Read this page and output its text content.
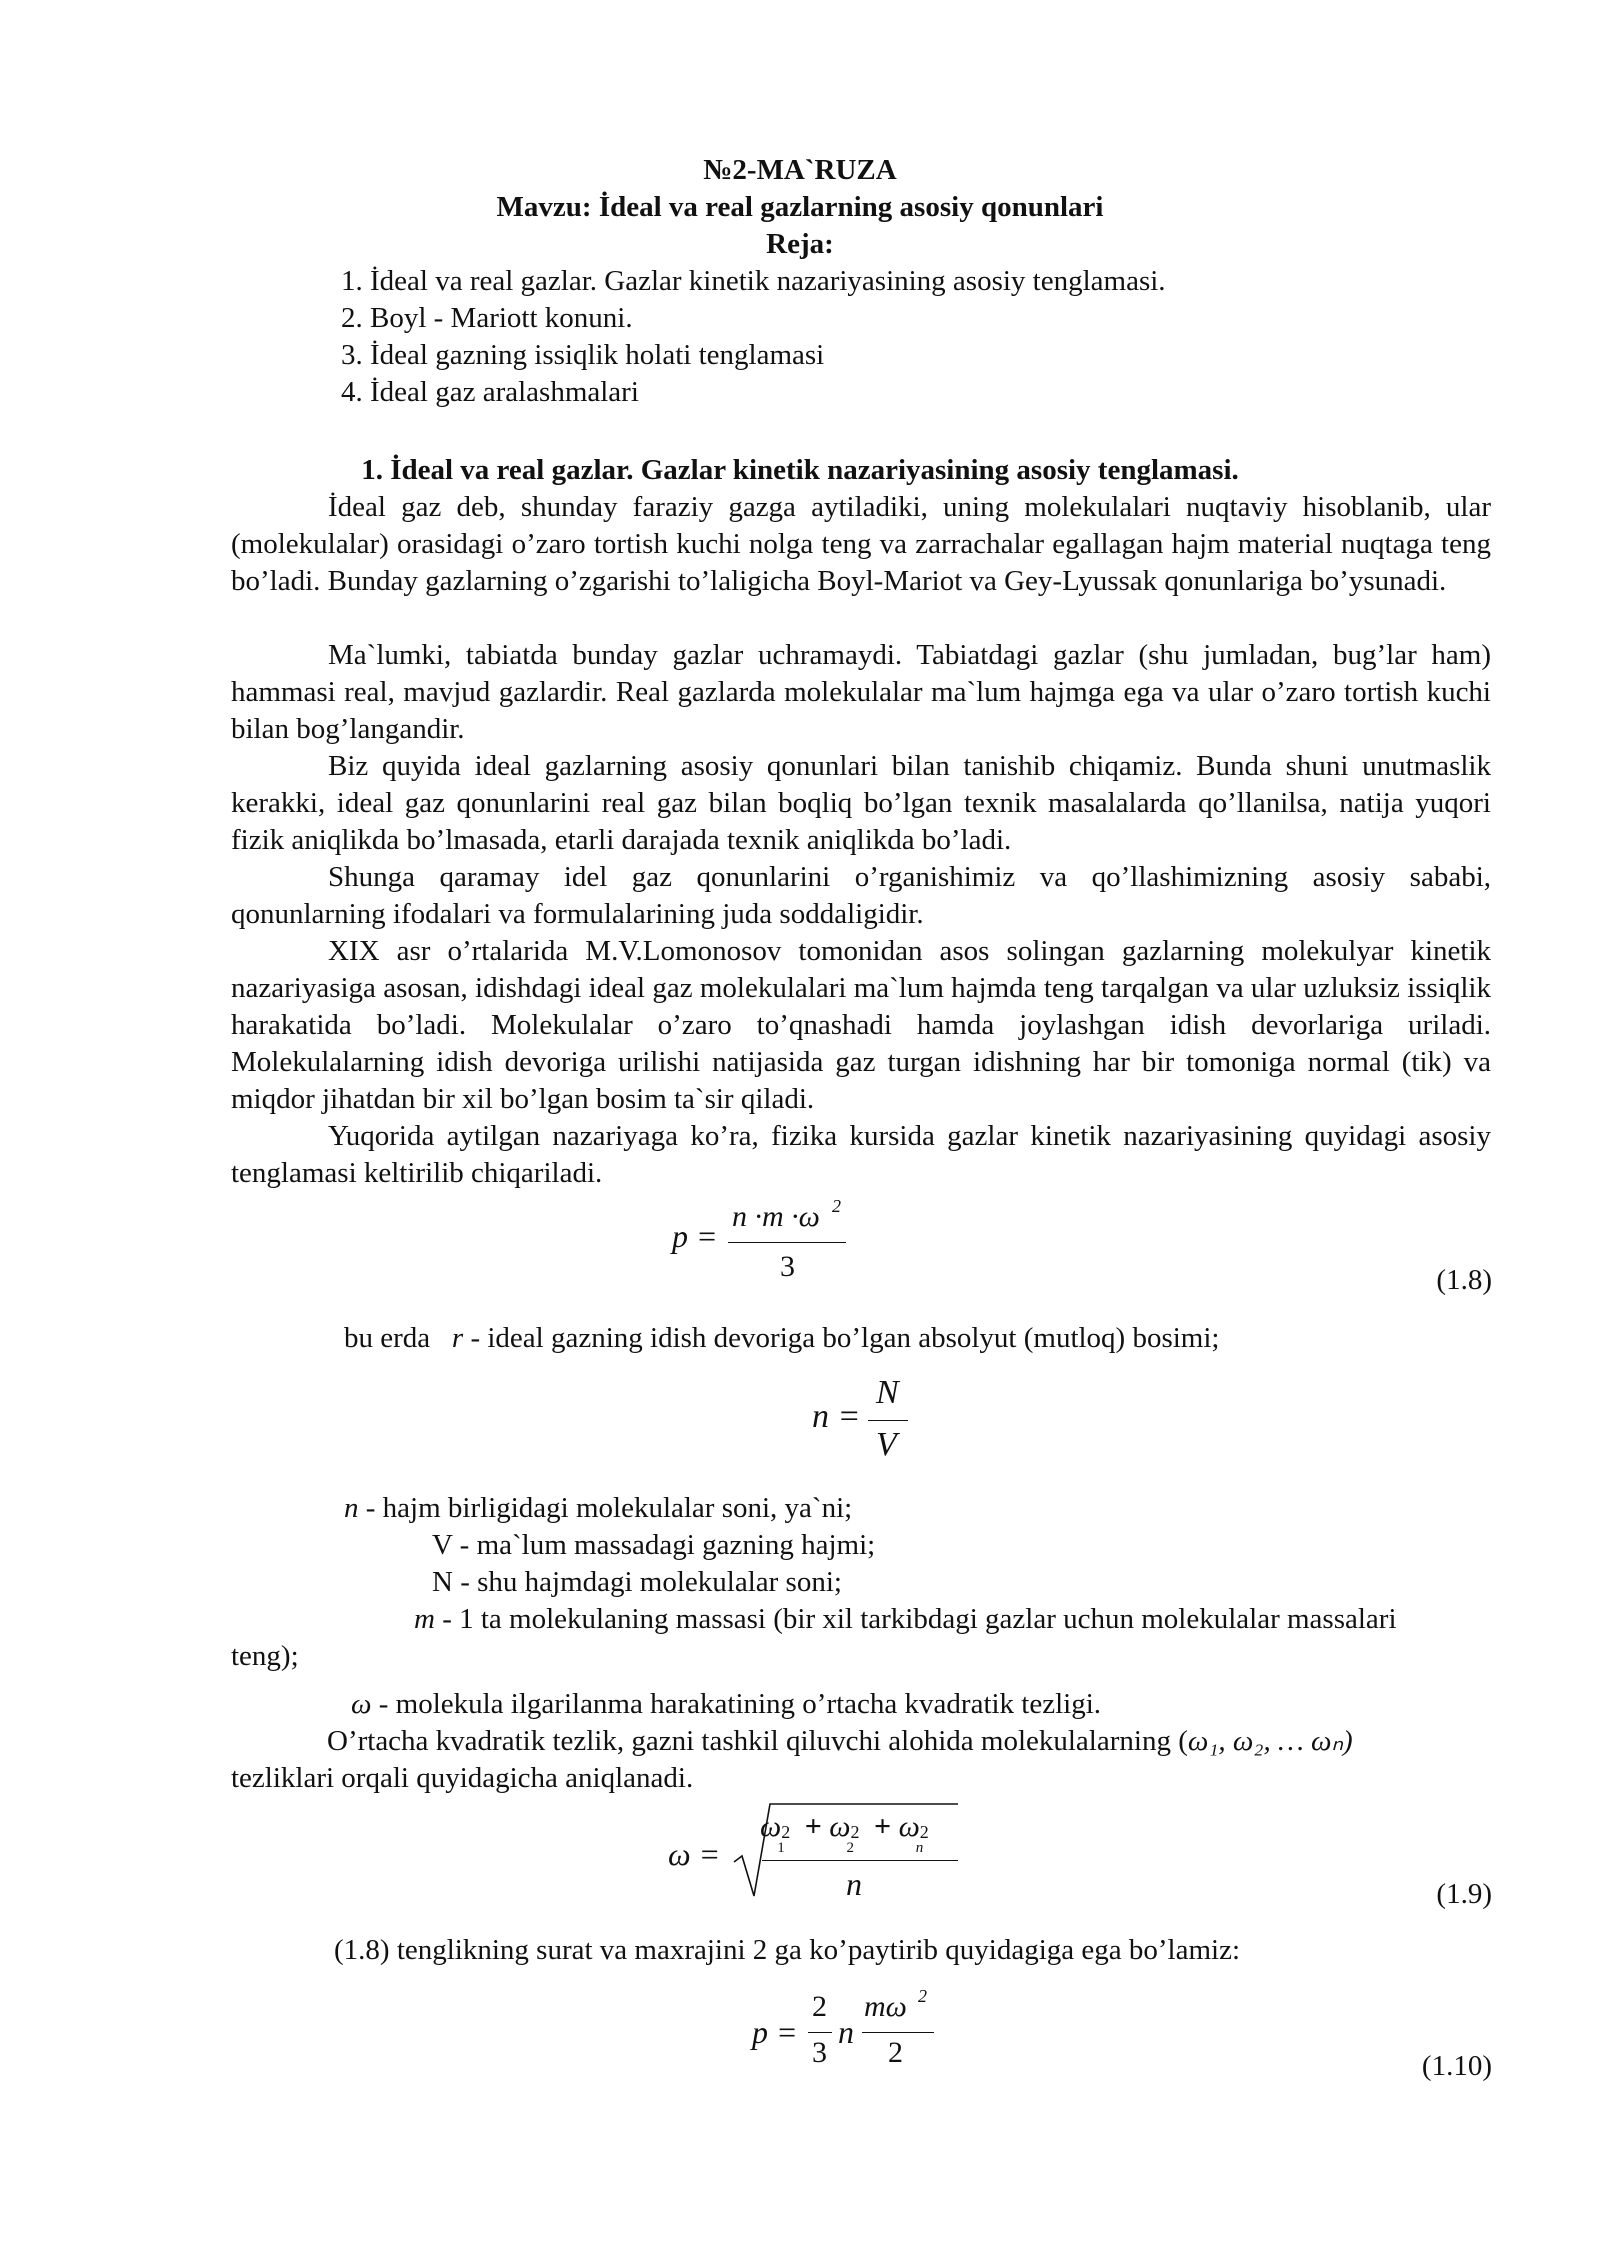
№2-MA`RUZA
Mavzu: İdeal va real gazlarning asosiy qonunlari
Reja:
1. İdeal va real gazlar. Gazlar kinetik nazariyasining asosiy tenglamasi.
2. Boyl - Mariott konuni.
3. İdeal gazning issiqlik holati tenglamasi
4. İdeal gaz aralashmalari
1. İdeal va real gazlar. Gazlar kinetik nazariyasining asosiy tenglamasi.

İdeal gaz deb, shunday faraziy gazga aytiladiki, uning molekulalari nuqtaviy hisoblanib, ular (molekulalar) orasidagi o’zaro tortish kuchi nolga teng va zarrachalar egallagan hajm material nuqtaga teng bo’ladi. Bunday gazlarning o’zgarishi to’laligicha Boyl-Mariot va Gey-Lyussak qonunlariga bo’ysunadi.

Ma`lumki, tabiatda bunday gazlar uchramaydi. Tabiatdagi gazlar (shu jumladan, bug’lar ham) hammasi real, mavjud gazlardir. Real gazlarda molekulalar ma`lum hajmga ega va ular o’zaro tortish kuchi bilan bog’langandir.

Biz quyida ideal gazlarning asosiy qonunlari bilan tanishib chiqamiz. Bunda shuni unutmaslik kerakki, ideal gaz qonunlarini real gaz bilan boqliq bo’lgan texnik masalalarda qo’llanilsa, natija yuqori fizik aniqlikda bo’lmasada, etarli darajada texnik aniqlikda bo’ladi.

Shunga qaramay idel gaz qonunlarini o’rganishimiz va qo’llashimizning asosiy sababi, qonunlarning ifodalari va formulalarining juda soddaligidir.

XIX asr o’rtalarida M.V.Lomonosov tomonidan asos solingan gazlarning molekulyar kinetik nazariyasiga asosan, idishdagi ideal gaz molekulalari ma`lum hajmda teng tarqalgan va ular uzluksiz issiqlik harakatida bo’ladi. Molekulalar o’zaro to’qnashadi hamda joylashgan idish devorlariga uriladi. Molekulalarning idish devoriga urilishi natijasida gaz turgan idishning har bir tomoniga normal (tik) va miqdor jihatdan bir xil bo’lgan bosim ta`sir qiladi.

Yuqorida aytilgan nazariyaga ko’ra, fizika kursida gazlar kinetik nazariyasining quyidagi asosiy tenglamasi keltirilib chiqariladi.

p =
n ·m ·ω 2
3	(1.8)
bu erda r - ideal gazning idish devoriga bo’lgan absolyut (mutloq) bosimi;
n =
N
V
n - hajm birligidagi molekulalar soni, ya`ni;
V - ma`lum massadagi gazning hajmi;
N - shu hajmdagi molekulalar soni;
m - 1 ta molekulaning massasi (bir xil tarkibdagi gazlar uchun molekulalar massalari
teng);
ω - molekula ilgarilanma harakatining o’rtacha kvadratik tezligi.
O’rtacha kvadratik tezlik, gazni tashkil qiluvchi alohida molekulalarning (ω₁, ω₂, … ωₙ)
tezliklari orqali quyidagicha aniqlanadi.
ω =
ω 2
1
+ ω 2
2
+ ω 2
n
n	(1.9)
(1.8) tenglikning surat va maxrajini 2 ga ko’paytirib quyidagiga ega bo’lamiz:
p =
2
3
n
mω 2
2	(1.10)
